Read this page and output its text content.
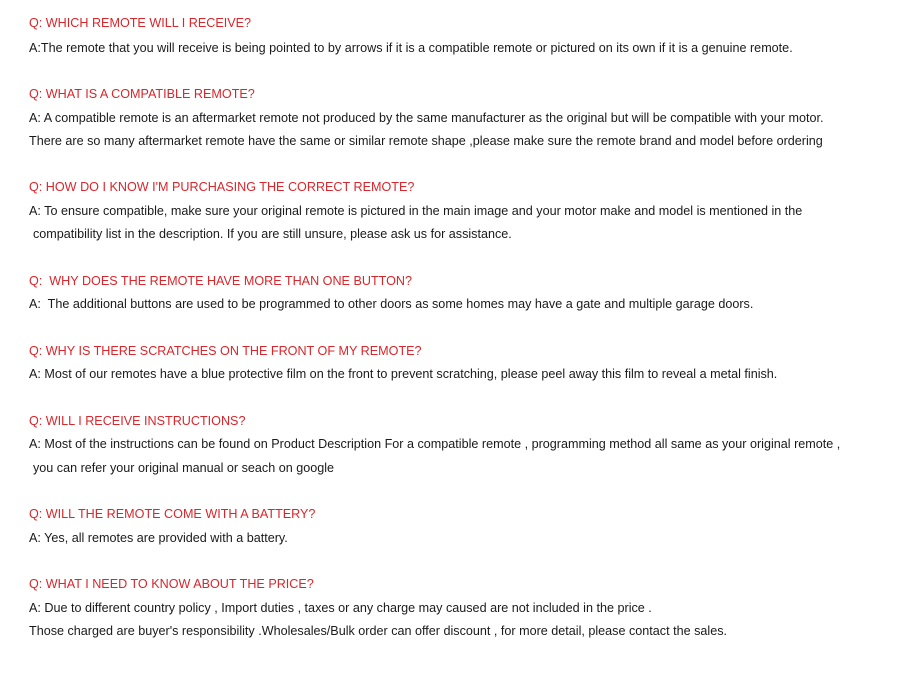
Q: WHICH REMOTE WILL I RECEIVE?
A:The remote that you will receive is being pointed to by arrows if it is a compatible remote or pictured on its own if it is a genuine remote.
Q: WHAT IS A COMPATIBLE REMOTE?
A: A compatible remote is an aftermarket remote not produced by the same manufacturer as the original but will be compatible with your motor.
There are so many aftermarket remote have the same or similar remote shape ,please make sure the remote brand and model before ordering
Q: HOW DO I KNOW I'M PURCHASING THE CORRECT REMOTE?
A: To ensure compatible, make sure your original remote is pictured in the main image and your motor make and model is mentioned in the
compatibility list in the description. If you are still unsure, please ask us for assistance.
Q:  WHY DOES THE REMOTE HAVE MORE THAN ONE BUTTON?
A:  The additional buttons are used to be programmed to other doors as some homes may have a gate and multiple garage doors.
Q: WHY IS THERE SCRATCHES ON THE FRONT OF MY REMOTE?
A: Most of our remotes have a blue protective film on the front to prevent scratching, please peel away this film to reveal a metal finish.
Q: WILL I RECEIVE INSTRUCTIONS?
A: Most of the instructions can be found on Product Description For a compatible remote , programming method all same as your original remote ,
you can refer your original manual or seach on google
Q: WILL THE REMOTE COME WITH A BATTERY?
A: Yes, all remotes are provided with a battery.
Q: WHAT I NEED TO KNOW ABOUT THE PRICE?
A: Due to different country policy , Import duties , taxes or any charge may caused are not included in the price .
Those charged are buyer's responsibility .Wholesales/Bulk order can offer discount , for more detail, please contact the sales.
